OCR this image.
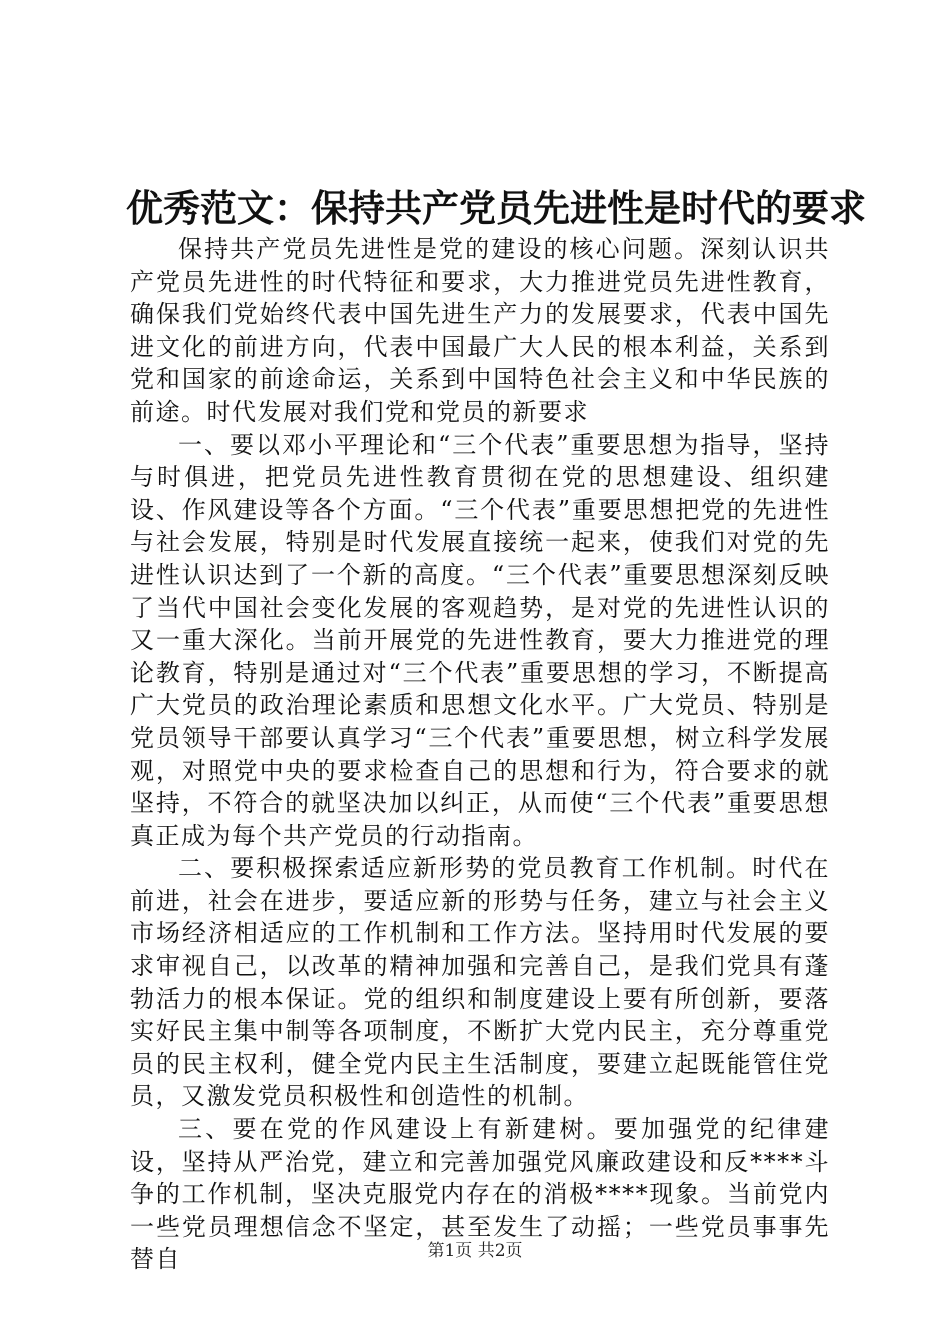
优秀范文：保持共产党员先进性是时代的要求

保持共产党员先进性是党的建设的核心问题。深刻认识共产党员先进性的时代特征和要求，大力推进党员先进性教育，确保我们党始终代表中国先进生产力的发展要求，代表中国先进文化的前进方向，代表中国最广大人民的根本利益，关系到党和国家的前途命运，关系到中国特色社会主义和中华民族的前途。时代发展对我们党和党员的新要求

一、要以邓小平理论和“三个代表”重要思想为指导，坚持与时俱进，把党员先进性教育贯彻在党的思想建设、组织建设、作风建设等各个方面。“三个代表”重要思想把党的先进性与社会发展，特别是时代发展直接统一起来，使我们对党的先进性认识达到了一个新的高度。“三个代表”重要思想深刻反映了当代中国社会变化发展的客观趋势，是对党的先进性认识的又一重大深化。当前开展党的先进性教育，要大力推进党的理论教育，特别是通过对“三个代表”重要思想的学习，不断提高广大党员的政治理论素质和思想文化水平。广大党员、特别是党员领导干部要认真学习“三个代表”重要思想，树立科学发展观，对照党中央的要求检查自己的思想和行为，符合要求的就坚持，不符合的就坚决加以纠正，从而使“三个代表”重要思想真正成为每个共产党员的行动指南。

二、要积极探索适应新形势的党员教育工作机制。时代在前进，社会在进步，要适应新的形势与任务，建立与社会主义市场经济相适应的工作机制和工作方法。坚持用时代发展的要求审视自己，以改革的精神加强和完善自己，是我们党具有蓬勃活力的根本保证。党的组织和制度建设上要有所创新，要落实好民主集中制等各项制度，不断扩大党内民主，充分尊重党员的民主权利，健全党内民主生活制度，要建立起既能管住党员，又激发党员积极性和创造性的机制。

三、要在党的作风建设上有新建树。要加强党的纪律建设，坚持从严治党，建立和完善加强党风廉政建设和反****斗争的工作机制，坚决克服党内存在的消极****现象。当前党内一些党员理想信念不坚定，甚至发生了动摇；一些党员事事先替自	第1页 共2页
